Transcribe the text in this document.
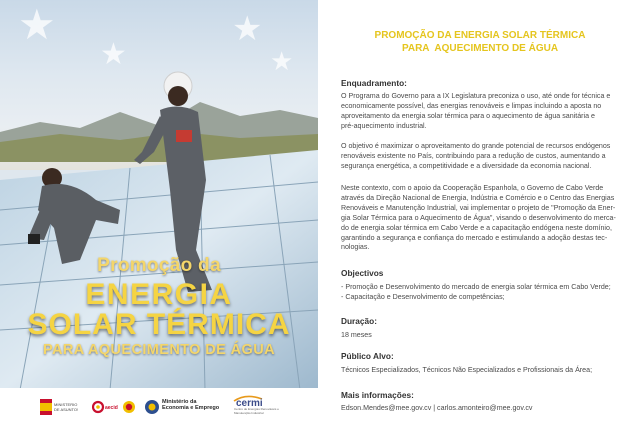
★
★
★
★
Promoção da
ENERGIA
SOLAR TÉRMICA
PARA AQUECIMENTO DE ÁGUA
MINISTERIO
DE ASUNTOS	aecid
Ministério da Economia e Emprego cermi
Centro de Energias Renováveis e Manutenção Industrial
PROMOÇÃO DA ENERGIA SOLAR TÉRMICA
PARA  AQUECIMENTO DE ÁGUA
Enquadramento:
O Programa do Governo para a IX Legislatura preconiza o uso, até onde for técnica e
economicamente possível, das energias renováveis e limpas incluindo a aposta no
aproveitamento da energia solar térmica para o aquecimento de água sanitária e
pré-aquecimento industrial.
O objetivo é maximizar o aproveitamento do grande potencial de recursos endógenos
renováveis existente no País, contribuindo para a redução de custos, aumentando a
segurança energética, a competitividade e a diversidade da economia nacional.
Neste contexto, com o apoio da Cooperação Espanhola, o Governo de Cabo Verde
através da Direção Nacional de Energia, Indústria e Comércio e o Centro das Energias
Renováveis e Manutenção Industrial, vai implementar o projeto de "Promoção da Ener-
gia Solar Térmica para o Aquecimento de Água", visando o desenvolvimento do merca-
do de energia solar térmica em Cabo Verde e a capacitação endógena neste domínio,
garantindo a segurança e confiança do mercado e estimulando a adoção destas tec-
nologias.
Objectivos
- Promoção e Desenvolvimento do mercado de energia solar térmica em Cabo Verde;
- Capacitação e Desenvolvimento de competências;
Duração:
18 meses
Público Alvo:
Técnicos Especializados, Técnicos Não Especializados e Profissionais da Área;
Mais informações:
Edson.Mendes@mee.gov.cv | carlos.amonteiro@mee.gov.cv
